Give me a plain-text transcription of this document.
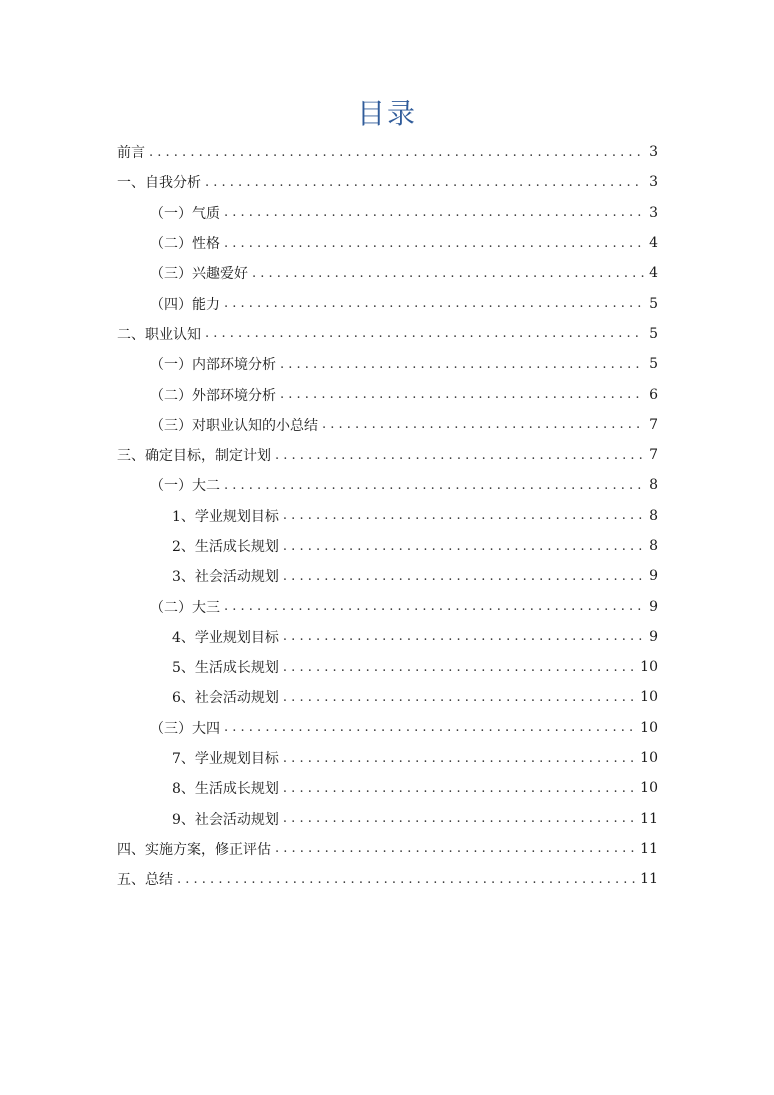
目录
前言 . . .	3
一、自我分析 . . .	3
（一）气质 . . .	3
（二）性格 . . .	4
（三）兴趣爱好 . . .	4
（四）能力 . . .	5
二、职业认知 . . .	5
（一）内部环境分析 . . .	5
（二）外部环境分析 . . .	6
（三）对职业认知的小总结 . . .	7
三、确定目标，制定计划 . . .	7
（一）大二 . . .	8
1、学业规划目标 . . .	8
2、生活成长规划 . . .	8
3、社会活动规划 . . .	9
（二）大三 . . .	9
4、学业规划目标 . . .	9
5、生活成长规划 . . .	10
6、社会活动规划 . . .	10
（三）大四 . . .	10
7、学业规划目标 . . .	10
8、生活成长规划 . . .	10
9、社会活动规划 . . .	11
四、实施方案，修正评估 . . .	11
五、总结 . . .	11
